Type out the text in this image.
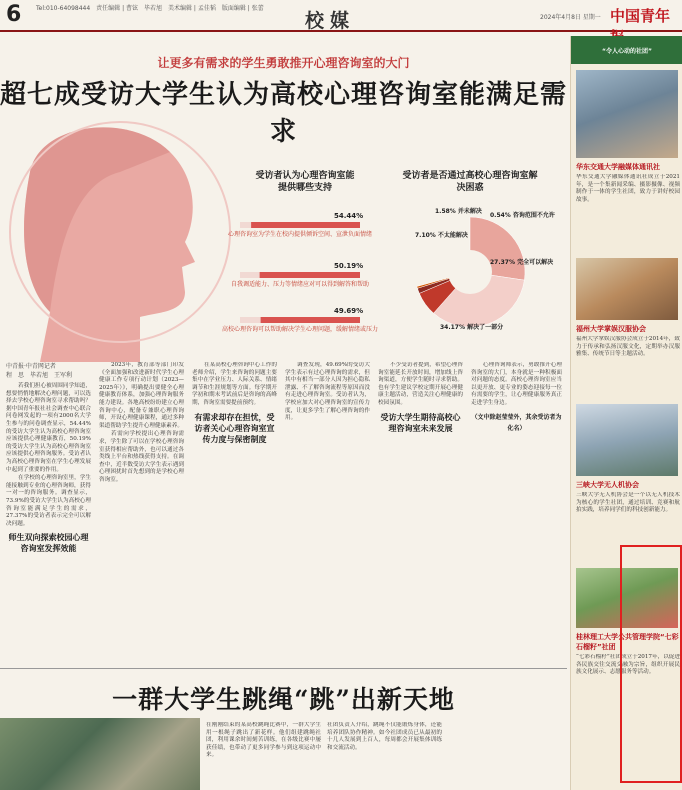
6 Tel:010-64098444　责任编辑 | 曹铉　毕若旭　美术编辑 | 孟佳韬　版面编辑 | 张蕾
校媒	2024年4月8日 星期一 中国青年
让更多有需求的学生勇敢推开心理咨询室的大门
超七成受访大学生认为高校心理咨询室能满足需求
受访者认为心理咨询室能提供哪些支持
受访者是否通过高校心理咨询室解决困惑
54.44%
心理咨询室为学生在校内提供倾诉空间、宣泄负面情绪
50.19%
自我调适能力、压力等情绪应对可以得到解答和帮助
49.69%
高校心理咨询可以帮助解决学生心理问题，缓解情绪或压力
27.37% 完全可以解决
34.17% 解决了一部分
7.10% 不太能解决
1.58% 并未解决
0.54% 咨询范围不允许
中青报·中青网记者
程　思　毕若旭　王军利

若我们担心被周围同学知道，想要悄悄地解决心理问题，可以选择去学校心理咨询室寻求帮助吗？据中国青年报社社会调查中心联合问卷网发起的一项有2000名大学生参与的问卷调查显示，54.44%的受访大学生认为高校心理咨询室应该提供心理健康教育，50.19%的受访大学生认为高校心理咨询室应该提供心理咨询服务。受访者认为高校心理咨询室在学生心理发展中起到了重要的作用。

在学校的心理咨询室里，学生能接触到专业的心理咨询师，获得一对一的咨询服务。调查显示，73.9%的受访大学生认为高校心理咨询室能满足学生的需求，27.37%的受访者表示完全可以解决问题。

师生双向探索校园心理咨询室发挥效能

2023年，教育部等部门印发《全面加强和改进新时代学生心理健康工作专项行动计划（2023—2025年）》，明确提出要健全心理健康教育体系，加强心理咨询服务能力建设。各地高校纷纷建立心理咨询中心，配备专兼职心理咨询师，开设心理健康课程，通过多种渠道帮助学生提升心理健康素养。

若需向学校提出心理咨询需求，学生除了可以在学校心理咨询室获得相应帮助外，也可以通过各类线上平台和热线获得支持。在调查中，近半数受访大学生表示遇到心理困扰时首先想到的是学校心理咨询室。

在某高校心理咨询中心工作的老师介绍，学生来咨询的问题主要集中在学业压力、人际关系、情绪调节和生涯规划等方面。每学期开学初和期末考试前后是咨询的高峰期，咨询室需要提前预约。

有需求却存在担忧，受访者关心心理咨询室宣传力度与保密制度

调查发现，49.69%的受访大学生表示有过心理咨询的需求，但其中有相当一部分人因为担心隐私泄露、不了解咨询流程等原因而没有走进心理咨询室。受访者认为，学校应加大对心理咨询室的宣传力度，让更多学生了解心理咨询的作用。

不少受访者提到，希望心理咨询室能延长开放时间，增加线上咨询渠道，方便学生随时寻求帮助。也有学生建议学校定期开展心理健康主题活动，营造关注心理健康的校园氛围。

受访大学生期待高校心理咨询室未来发展

心理咨询师表示，勇敢推开心理咨询室的大门，本身就是一种积极面对问题的态度。高校心理咨询室应当以更开放、更专业的姿态迎接每一位有需要的学生，让心理健康服务真正走进学生身边。

（文中除赵莹莹外，其余受访者为化名）
一群大学生跳绳“跳”出新天地
在刚刚结束的某高校跳绳比赛中，一群大学生用一根绳子跳出了新花样。他们组建跳绳社团，利用课余时间刻苦训练，在各级比赛中屡获佳绩，也带动了更多同学参与到这项运动中来。
社团负责人介绍，跳绳不仅能锻炼身体，还能培养团队协作精神。如今社团成员已从最初的十几人发展到上百人，每周都会开展集体训练和交流活动。
“令人心动的社团”
华东交通大学融媒体通讯社
华东交通大学融媒体通讯社成立于2021年，是一个集新闻采编、摄影摄像、视频制作于一体的学生社团，致力于讲好校园故事。
福州大学掌娱汉服协会
福州大学掌娱汉服协会成立于2014年，致力于传承和弘扬汉服文化，定期举办汉服雅集、传统节日等主题活动。
三峡大学无人机协会
三峡大学无人机协会是一个以无人机技术为核心的学生社团，通过培训、竞赛和航拍实践，培养同学们的科技创新能力。
桂林理工大学公共管理学院“七彩石榴籽”社团
“七彩石榴籽”社团成立于2017年，以促进各民族交往交流交融为宗旨，组织开展民族文化展示、志愿服务等活动。
